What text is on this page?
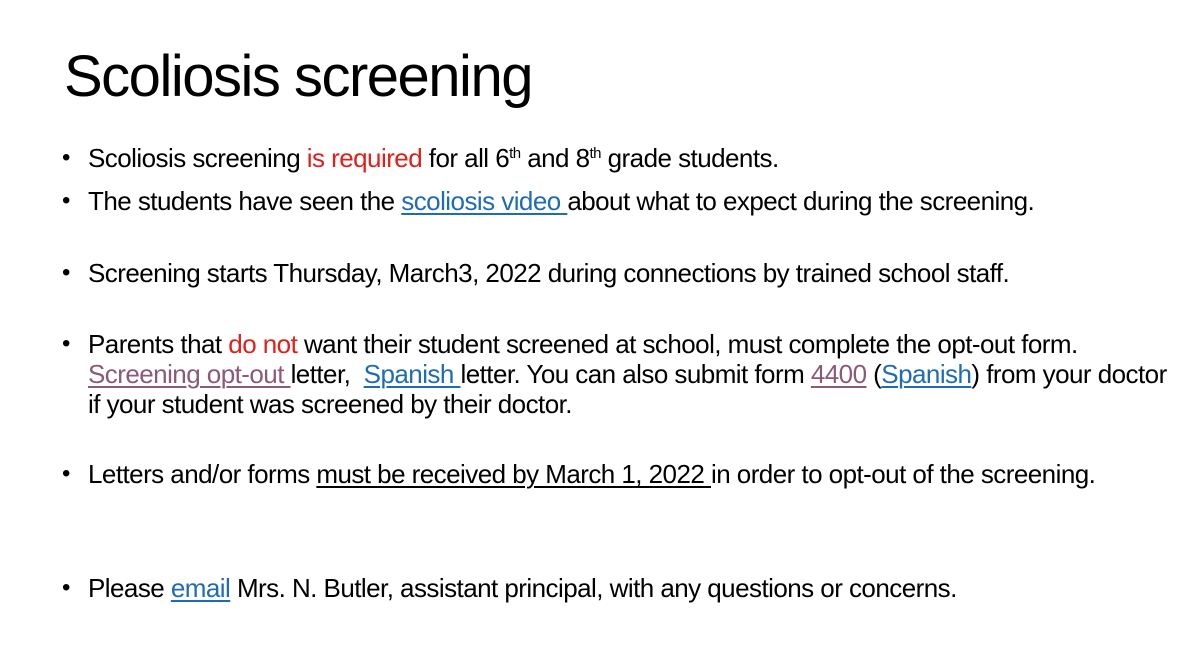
Scoliosis screening
• Scoliosis screening is required for all 6th and 8th grade students.
• The students have seen the scoliosis video about what to expect during the screening.
• Screening starts Thursday, March3, 2022 during connections by trained school staff.
• Parents that do not want their student screened at school, must complete the opt-out form.  Screening opt-out letter,  Spanish letter. You can also submit form 4400 (Spanish) from your doctor if your student was screened by their doctor.
• Letters and/or forms must be received by March 1, 2022 in order to opt-out of the screening.
• Please email Mrs. N. Butler, assistant principal, with any questions or concerns.
